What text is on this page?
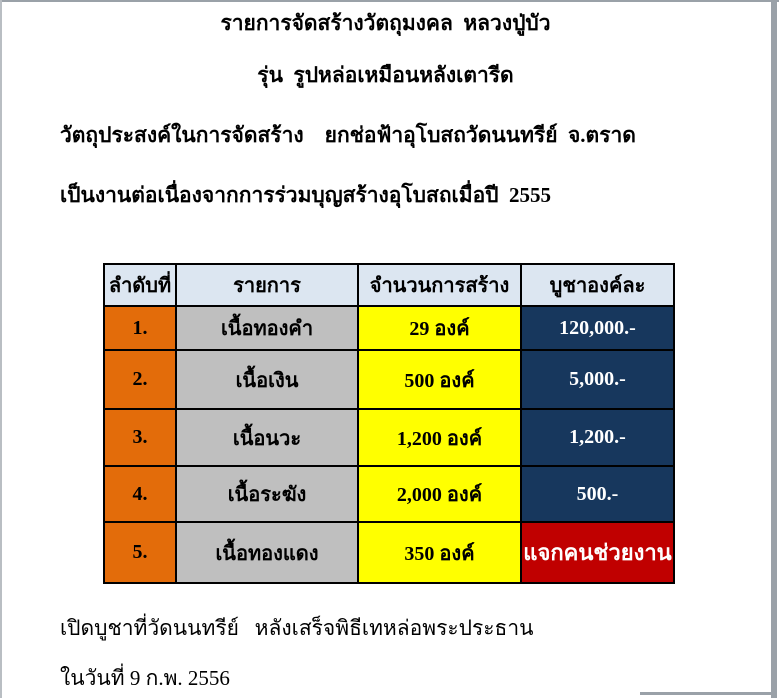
รายการจัดสร้างวัตถุมงคล  หลวงปู่บัว
รุ่น  รูปหล่อเหมือนหลังเตารีด
วัตถุประสงค์ในการจัดสร้าง    ยกช่อฟ้าอุโบสถวัดนนทรีย์  จ.ตราด
เป็นงานต่อเนื่องจากการร่วมบุญสร้างอุโบสถเมื่อปี  2555
ลำดับที่	รายการ	จำนวนการสร้าง	บูชาองค์ละ
1.	เนื้อทองคำ	29 องค์	120,000.-
2.	เนื้อเงิน	500 องค์	5,000.-
3.	เนื้อนวะ	1,200 องค์	1,200.-
4.	เนื้อระฆัง	2,000 องค์	500.-
5.	เนื้อทองแดง	350 องค์	แจกคนช่วยงาน
เปิดบูชาที่วัดนนทรีย์   หลังเสร็จพิธีเทหล่อพระประธาน
ในวันที่ 9 ก.พ. 2556
